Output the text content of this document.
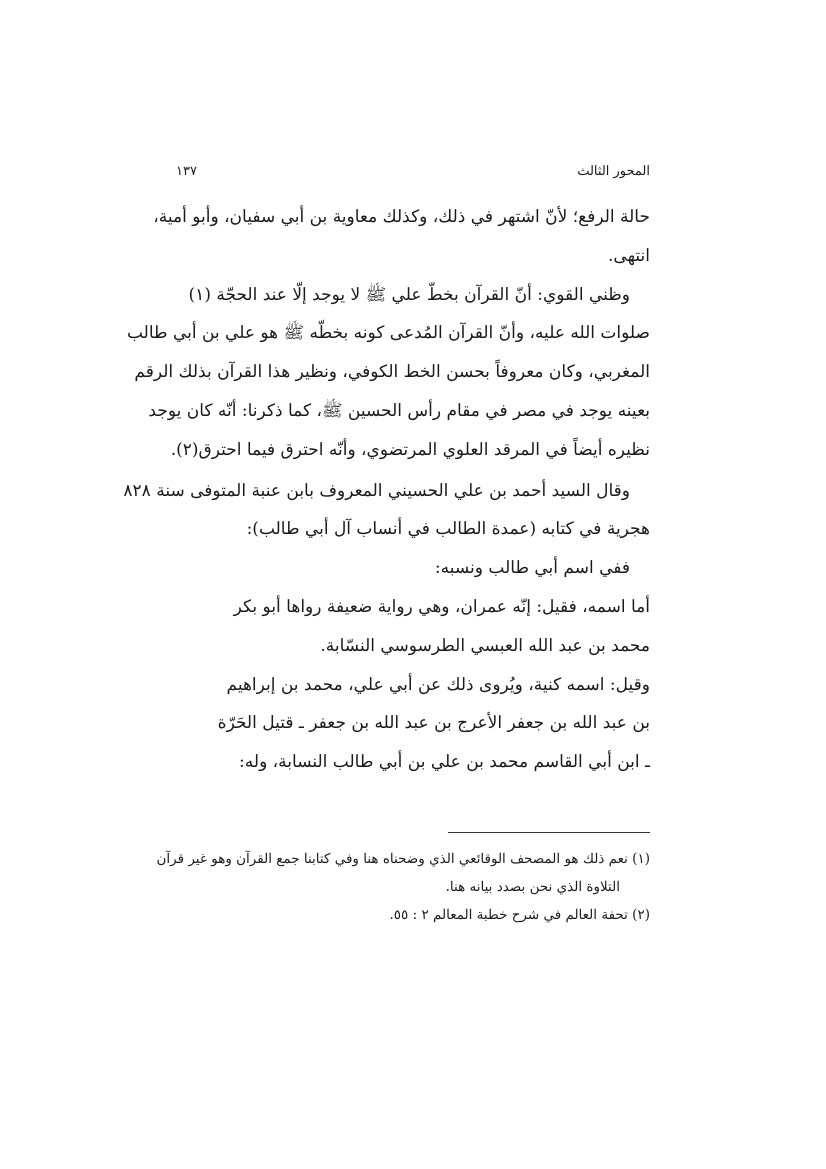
المحور الثالث
١٣٧
حالة الرفع؛ لأنّ اشتهر في ذلك، وكذلك معاوية بن أبي سفيان، وأبو أمية،
انتهى.
وظني القوي: أنّ القرآن بخطّ علي ﷺ لا يوجد إلّا عند الحجّة (١)
صلوات الله عليه، وأنّ القرآن المُدعى كونه بخطّه ﷺ هو علي بن أبي طالب
المغربي، وكان معروفاً بحسن الخط الكوفي، ونظير هذا القرآن بذلك الرقم
بعينه يوجد في مصر في مقام رأس الحسين ﷺ، كما ذكرنا: أنّه كان يوجد
نظيره أيضاً في المرقد العلوي المرتضوي، وأنّه احترق فيما احترق(٢).
وقال السيد أحمد بن علي الحسيني المعروف بابن عنبة المتوفى سنة ٨٢٨
هجرية في كتابه (عمدة الطالب في أنساب آل أبي طالب):
ففي اسم أبي طالب ونسبه:
أما اسمه، فقيل: إنّه عمران، وهي رواية ضعيفة رواها أبو بكر
محمد بن عبد الله العبسي الطرسوسي النسّابة.
وقيل: اسمه كنية، ويُروى ذلك عن أبي علي، محمد بن إبراهيم
بن عبد الله بن جعفر الأعرج بن عبد الله بن جعفر ـ قتيل الحَرّة
ـ ابن أبي القاسم محمد بن علي بن أبي طالب النسابة، وله:
(١) نعم ذلك هو المصحف الوقائعي الذي وضحناه هنا وفي كتابنا جمع القرآن وهو غير قرآن
التلاوة الذي نحن بصدد بيانه هنا.
(٢) تحفة العالم في شرح خطبة المعالم ٢ : ٥٥.
